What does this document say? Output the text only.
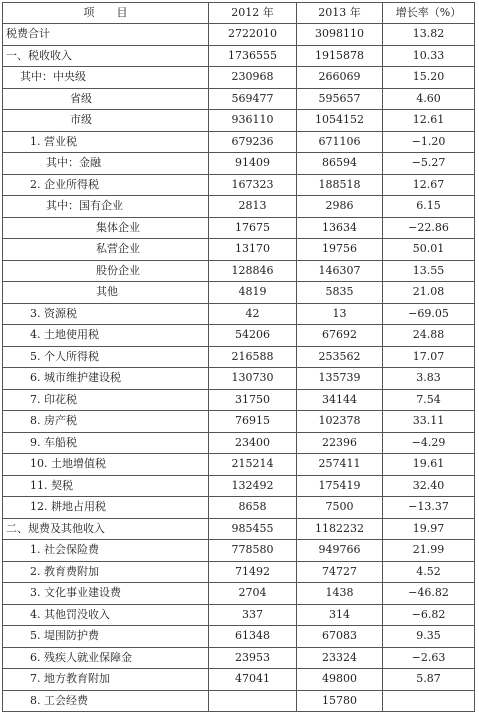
项　　目	2012 年	2013 年	增长率（%）
税费合计	2722010	3098110	13.82
一、税收收入	1736555	1915878	10.33
其中：中央级	230968	266069	15.20
省级	569477	595657	4.60
市级	936110	1054152	12.61
1. 营业税	679236	671106	−1.20
其中：金融	91409	86594	−5.27
2. 企业所得税	167323	188518	12.67
其中：国有企业	2813	2986	6.15
集体企业	17675	13634	−22.86
私营企业	13170	19756	50.01
股份企业	128846	146307	13.55
其他	4819	5835	21.08
3. 资源税	42	13	−69.05
4. 土地使用税	54206	67692	24.88
5. 个人所得税	216588	253562	17.07
6. 城市维护建设税	130730	135739	3.83
7. 印花税	31750	34144	7.54
8. 房产税	76915	102378	33.11
9. 车船税	23400	22396	−4.29
10. 土地增值税	215214	257411	19.61
11. 契税	132492	175419	32.40
12. 耕地占用税	8658	7500	−13.37
二、规费及其他收入	985455	1182232	19.97
1. 社会保险费	778580	949766	21.99
2. 教育费附加	71492	74727	4.52
3. 文化事业建设费	2704	1438	−46.82
4. 其他罚没收入	337	314	−6.82
5. 堤围防护费	61348	67083	9.35
6. 残疾人就业保障金	23953	23324	−2.63
7. 地方教育附加	47041	49800	5.87
8. 工会经费		15780	
